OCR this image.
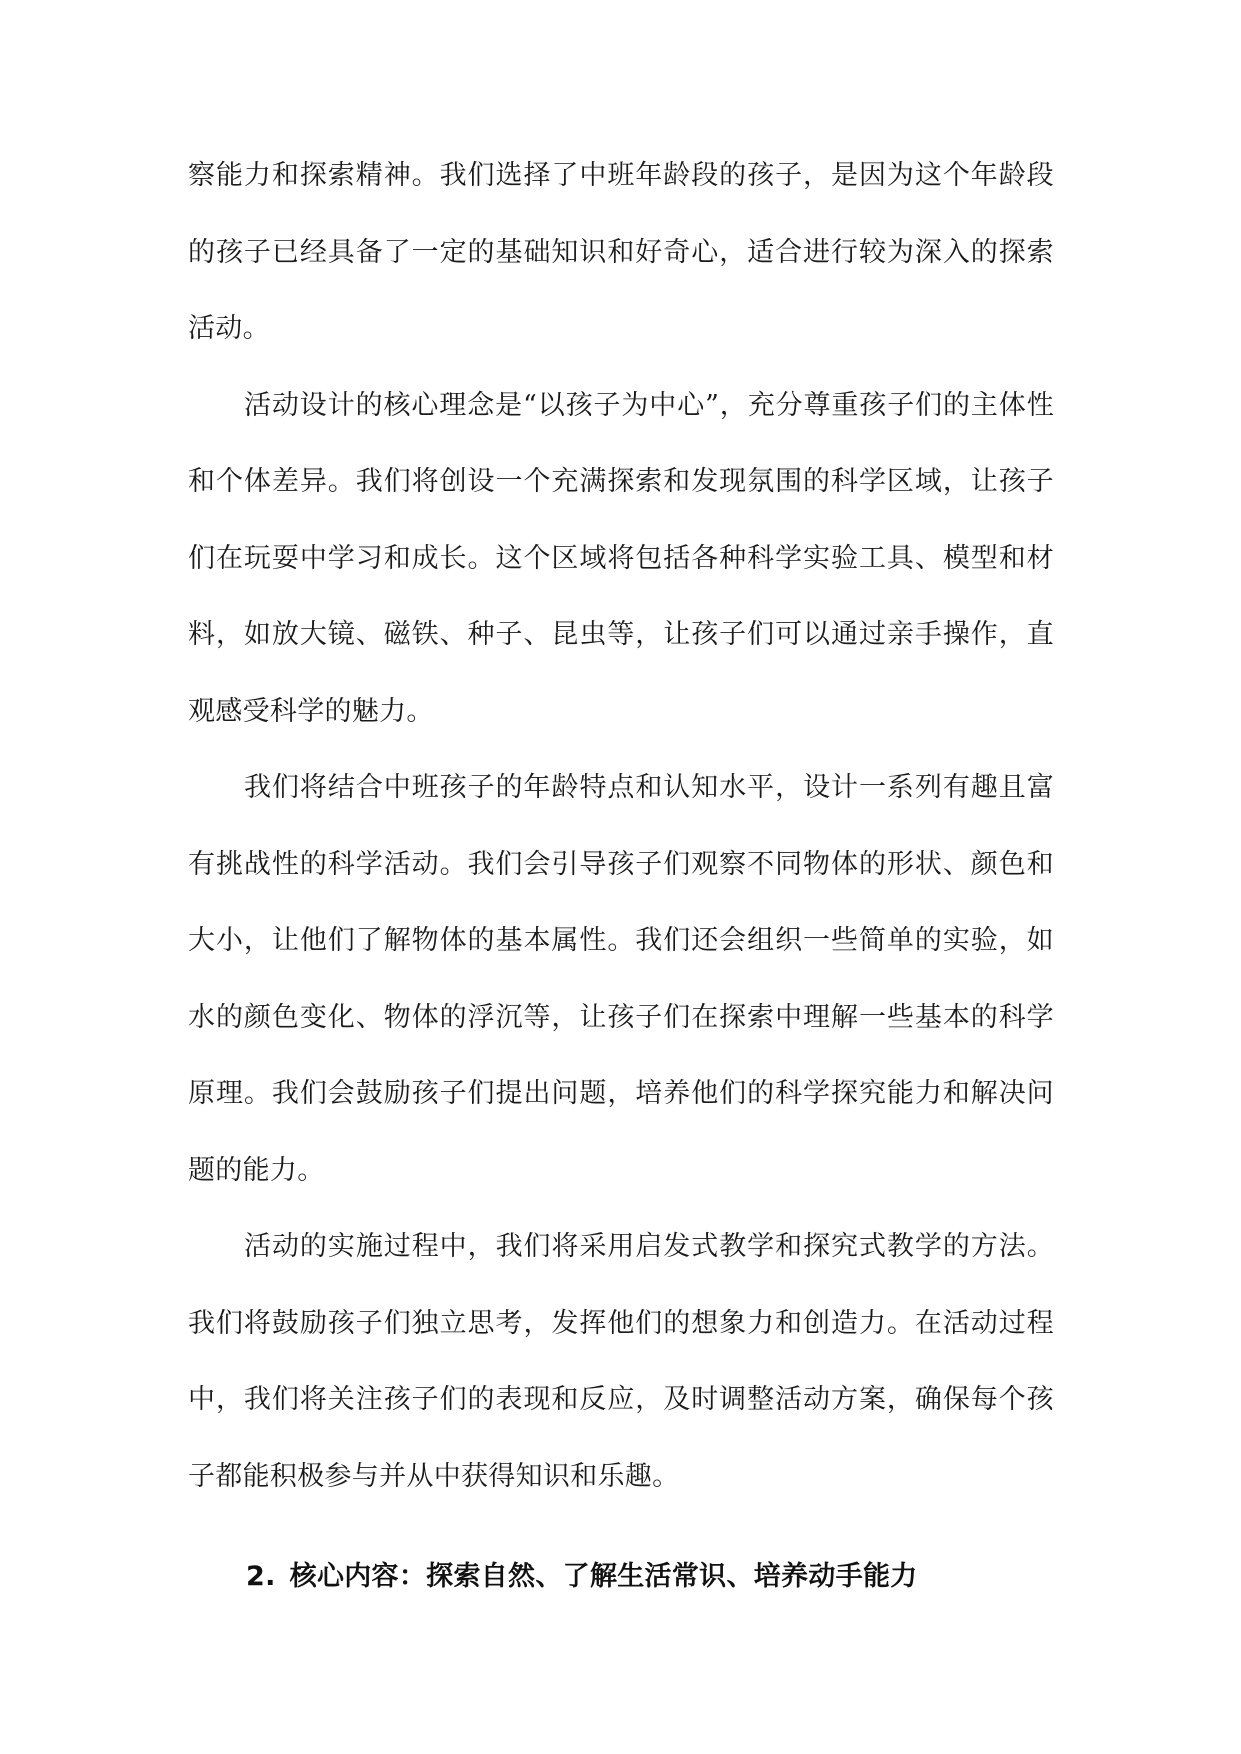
察能力和探索精神。我们选择了中班年龄段的孩子，是因为这个年龄段的孩子已经具备了一定的基础知识和好奇心，适合进行较为深入的探索活动。

活动设计的核心理念是“以孩子为中心”，充分尊重孩子们的主体性和个体差异。我们将创设一个充满探索和发现氛围的科学区域，让孩子们在玩耍中学习和成长。这个区域将包括各种科学实验工具、模型和材料，如放大镜、磁铁、种子、昆虫等，让孩子们可以通过亲手操作，直观感受科学的魅力。

我们将结合中班孩子的年龄特点和认知水平，设计一系列有趣且富有挑战性的科学活动。我们会引导孩子们观察不同物体的形状、颜色和大小，让他们了解物体的基本属性。我们还会组织一些简单的实验，如水的颜色变化、物体的浮沉等，让孩子们在探索中理解一些基本的科学原理。我们会鼓励孩子们提出问题，培养他们的科学探究能力和解决问题的能力。

活动的实施过程中，我们将采用启发式教学和探究式教学的方法。我们将鼓励孩子们独立思考，发挥他们的想象力和创造力。在活动过程中，我们将关注孩子们的表现和反应，及时调整活动方案，确保每个孩子都能积极参与并从中获得知识和乐趣。

2. 核心内容：探索自然、了解生活常识、培养动手能力
